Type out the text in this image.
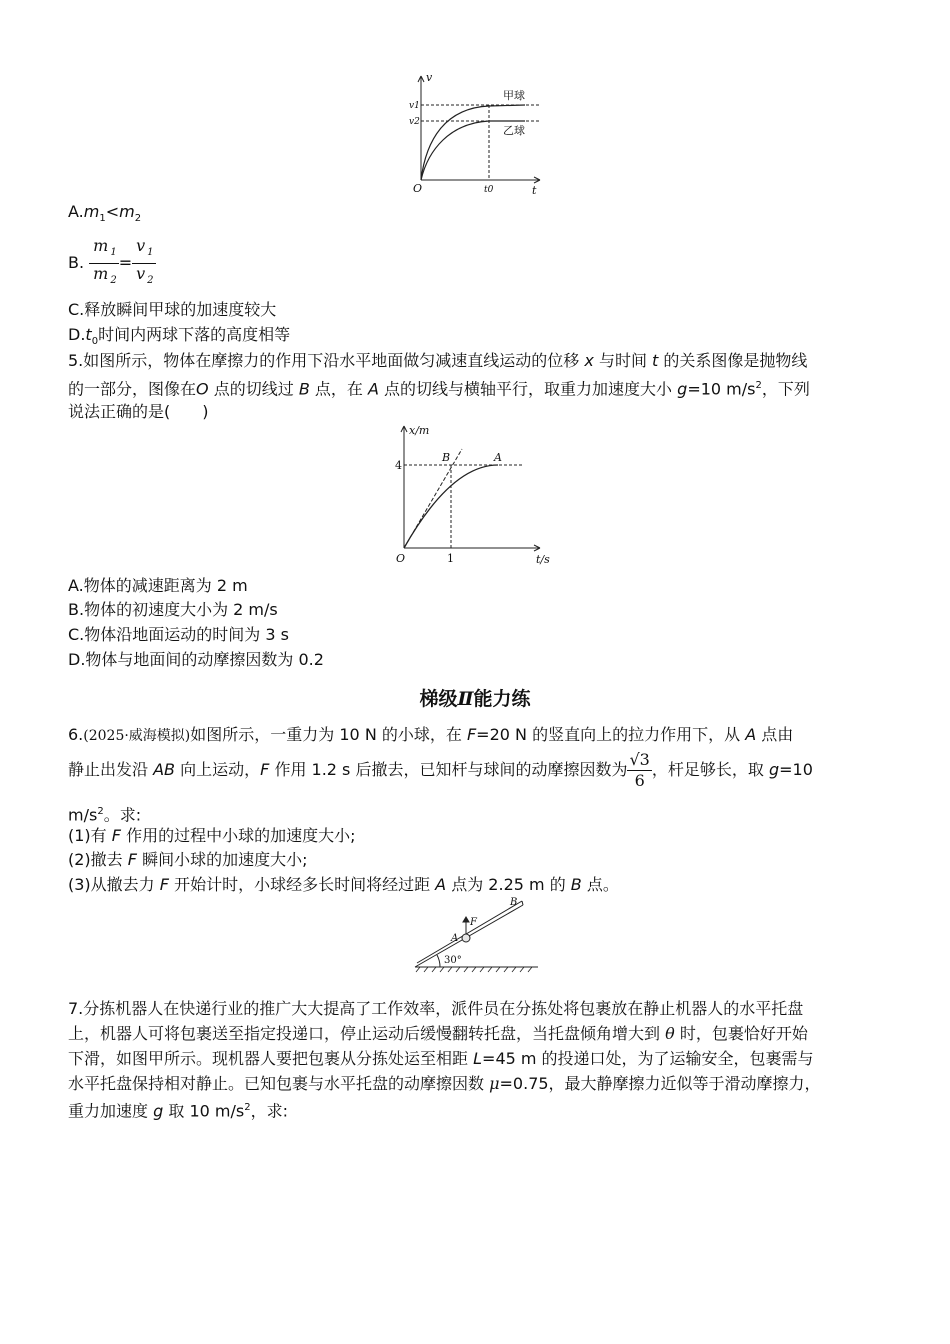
v
t
O
v1
v2
t0
甲球
乙球
$A.m_1<m_2$
B. $\frac{m _1}{m _2} = \frac{v _1}{v _2}$
C.释放瞬间甲球的加速度较大
$D.t_0$时间内两球下落的高度相等
5.如图所示，物体在摩擦力的作用下沿水平地面做匀减速直线运动的位移 x 与时间 t 的关系图像是抛物线
的一部分，图像在O 点的切线过 B 点，在 A 点的切线与横轴平行，取重力加速度大小 g=10 $m/s^2$，下列
说法正确的是(　　)
x/m
t/s
O
4
1
B	A
A.物体的减速距离为 2 m
B.物体的初速度大小为 2 m/s
C.物体沿地面运动的时间为 3 s
D.物体与地面间的动摩擦因数为 0.2
梯级Ⅱ能力练
6.(2025·威海模拟)如图所示，一重力为 10 N 的小球，在 F=20 N 的竖直向上的拉力作用下，从 A 点由
静止出发沿 AB 向上运动，F 作用 1.2 s 后撤去，已知杆与球间的动摩擦因数为 $\frac{√3}{6}$ ，杆足够长，取 g=10
$m/s^2$。求:
(1)有 F 作用的过程中小球的加速度大小;
(2)撤去 F 瞬间小球的加速度大小;
(3)从撤去力 F 开始计时，小球经多长时间将经过距 A 点为 2.25 m 的 B 点。
A
F
B
30°
7.分拣机器人在快递行业的推广大大提高了工作效率，派件员在分拣处将包裹放在静止机器人的水平托盘
上，机器人可将包裹送至指定投递口，停止运动后缓慢翻转托盘，当托盘倾角增大到 θ 时，包裹恰好开始
下滑，如图甲所示。现机器人要把包裹从分拣处运至相距 L=45 m 的投递口处，为了运输安全，包裹需与
水平托盘保持相对静止。已知包裹与水平托盘的动摩擦因数 μ=0.75，最大静摩擦力近似等于滑动摩擦力，
重力加速度 g 取 10 $m/s^2$，求:
